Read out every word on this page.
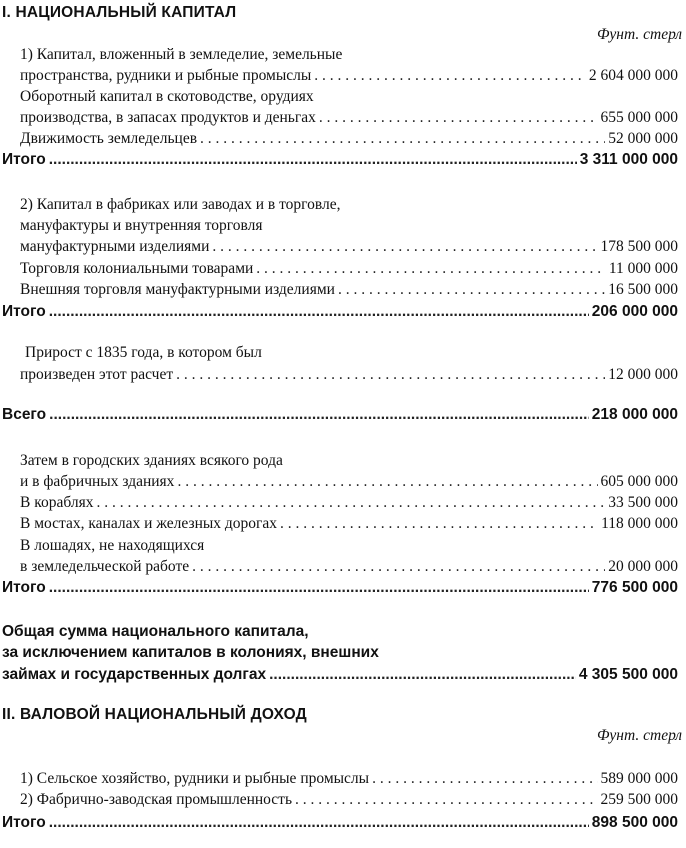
I. НАЦИОНАЛЬНЫЙ КАПИТАЛ
Фунт. стерл
1) Капитал, вложенный в земледелие, земельные
пространства, рудники и рыбные промыслы . . .	2 604 000 000
Оборотный капитал в скотоводстве, орудиях
производства, в запасах продуктов и деньгах . . .	655 000 000
Движимость земледельцев . . .	52 000 000
Итого .....	3 311 000 000
2) Капитал в фабриках или заводах и в торговле,
мануфактуры и внутренняя торговля
мануфактурными изделиями . . .	178 500 000
Торговля колониальными товарами . . .	11 000 000
Внешняя торговля мануфактурными изделиями . . .	16 500 000
Итого .....	206 000 000
Прирост с 1835 года, в котором был
произведен этот расчет . . .	12 000 000
Всего .....	218 000 000
Затем в городских зданиях всякого рода
и в фабричных зданиях . . .	605 000 000
В кораблях . . .	33 500 000
В мостах, каналах и железных дорогах . . .	118 000 000
В лошадях, не находящихся
в земледельческой работе . . .	20 000 000
Итого .....	776 500 000
Общая сумма национального капитала,
за исключением капиталов в колониях, внешних
займах и государственных долгах .....	4 305 500 000
II. ВАЛОВОЙ НАЦИОНАЛЬНЫЙ ДОХОД
Фунт. стерл
1) Сельское хозяйство, рудники и рыбные промыслы . . .	589 000 000
2) Фабрично-заводская промышленность . . .	259 500 000
Итого .....	898 500 000
